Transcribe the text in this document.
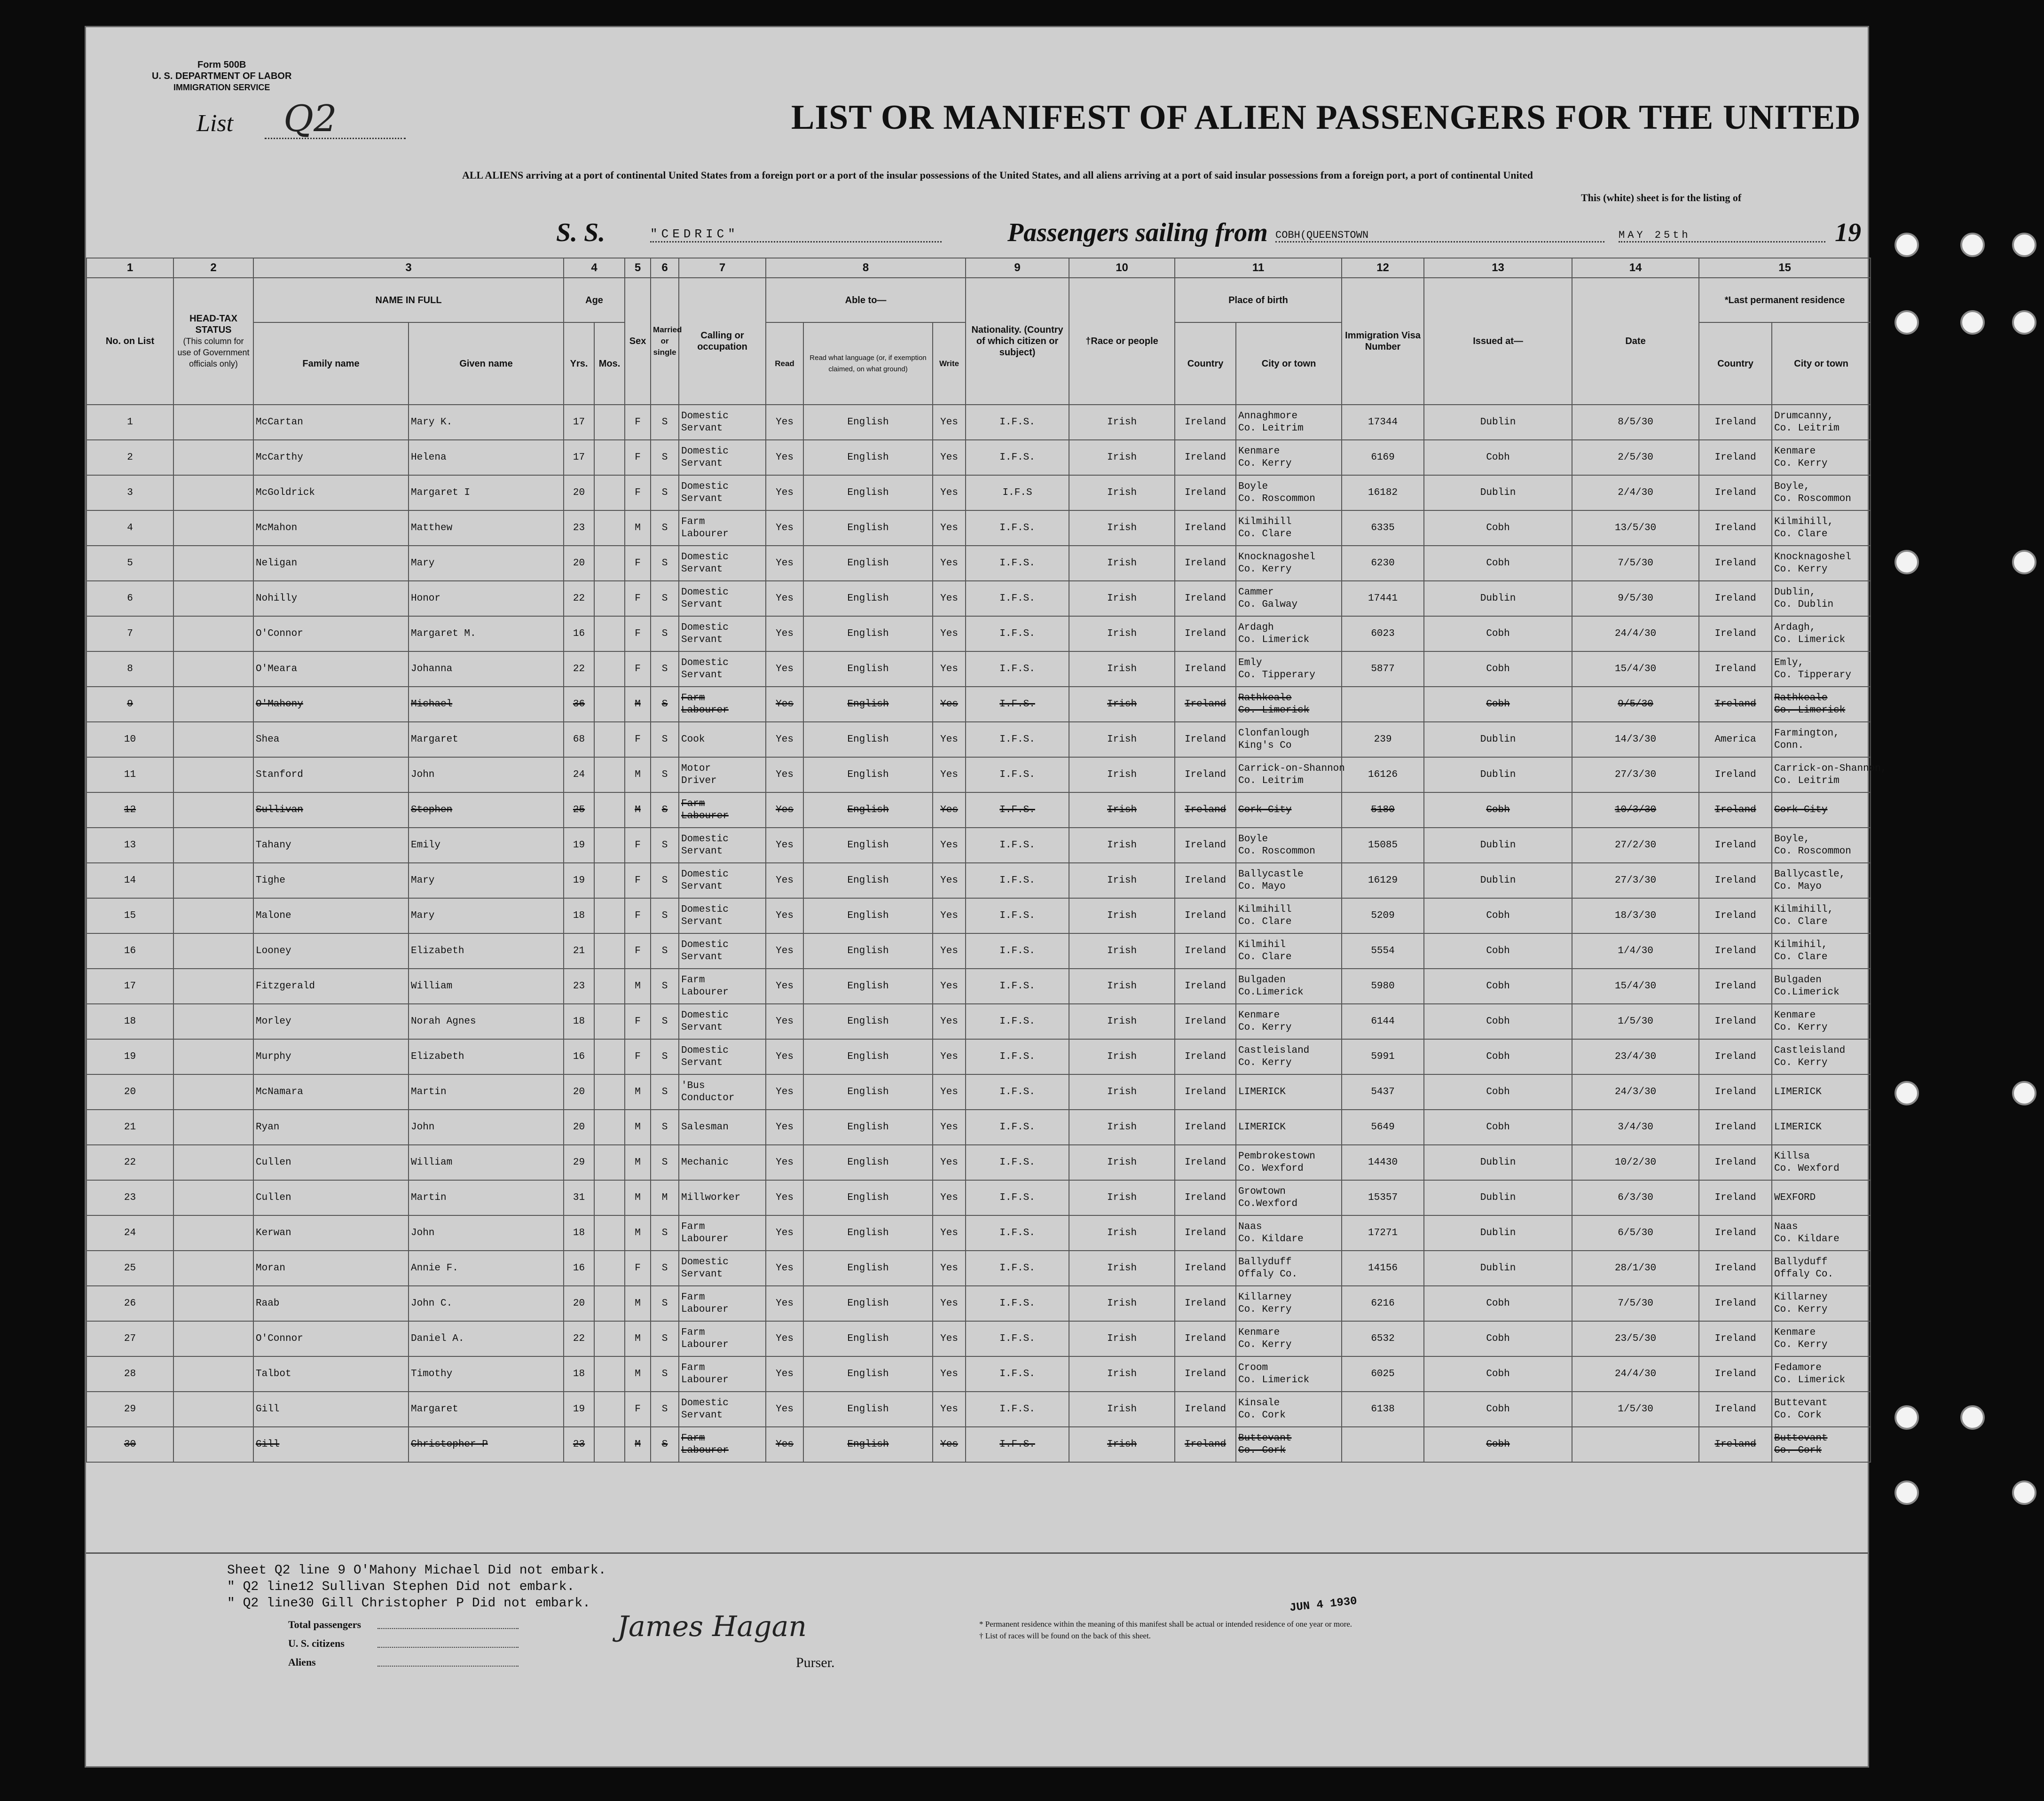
Form 500B
U. S. DEPARTMENT OF LABOR
IMMIGRATION SERVICE
List Q2	LIST OR MANIFEST OF ALIEN PASSENGERS FOR THE UNITED
ALL ALIENS arriving at a port of continental United States from a foreign port or a port of the insular possessions of the United States, and all aliens arriving at a port of said insular possessions from a foreign port, a port of continental United
This (white) sheet is for the listing of
S. S.	"CEDRIC"	Passengers sailing from COBH(QUEENSTOWN	MAY 25th	19
1	2	3		4		5	6	7	8			9	10	11		12	13	14	15	
No. on List	HEAD-TAX STATUS
(This column for use of Government officials only)	NAME IN FULL		Age		Sex	Married or single	Calling or occupation	Able to—			Nationality. (Country of which citizen or subject)	†Race or people	Place of birth		Immigration Visa Number	Issued at—	Date	*Last permanent residence	
		Family name	Given name	Yrs.	Mos.				Read	Read what language (or, if exemption claimed, on what ground)	Write			Country	City or town				Country	City or town
1		McCartan	Mary K.	17		F	S	Domestic
Servant	Yes	English	Yes	I.F.S.	Irish	Ireland	Annaghmore
Co. Leitrim	17344	Dublin	8/5/30	Ireland	Drumcanny,
Co. Leitrim

2		McCarthy	Helena	17		F	S	Domestic
Servant	Yes	English	Yes	I.F.S.	Irish	Ireland	Kenmare
Co. Kerry	6169	Cobh	2/5/30	Ireland	Kenmare
Co. Kerry

3		McGoldrick	Margaret I	20		F	S	Domestic
Servant	Yes	English	Yes	I.F.S	Irish	Ireland	Boyle
Co. Roscommon	16182	Dublin	2/4/30	Ireland	Boyle,
Co. Roscommon

4		McMahon	Matthew	23		M	S	Farm
Labourer	Yes	English	Yes	I.F.S.	Irish	Ireland	Kilmihill
Co. Clare	6335	Cobh	13/5/30	Ireland	Kilmihill,
Co. Clare

5		Neligan	Mary	20		F	S	Domestic
Servant	Yes	English	Yes	I.F.S.	Irish	Ireland	Knocknagoshel
Co. Kerry	6230	Cobh	7/5/30	Ireland	Knocknagoshel
Co. Kerry

6		Nohilly	Honor	22		F	S	Domestic
Servant	Yes	English	Yes	I.F.S.	Irish	Ireland	Cammer
Co. Galway	17441	Dublin	9/5/30	Ireland	Dublin,
Co. Dublin

7		O'Connor	Margaret M.	16		F	S	Domestic
Servant	Yes	English	Yes	I.F.S.	Irish	Ireland	Ardagh
Co. Limerick	6023	Cobh	24/4/30	Ireland	Ardagh,
Co. Limerick

8		O'Meara	Johanna	22		F	S	Domestic
Servant	Yes	English	Yes	I.F.S.	Irish	Ireland	Emly
Co. Tipperary	5877	Cobh	15/4/30	Ireland	Emly,
Co. Tipperary

9		O'Mahony	Michael	36		M	S	Farm
Labourer	Yes	English	Yes	I.F.S.	Irish	Ireland	Rathkeale
Co. Limerick		Cobh	9/5/30	Ireland	Rathkeale
Co. Limerick

10		Shea	Margaret	68		F	S	Cook	Yes	English	Yes	I.F.S.	Irish	Ireland	Clonfanlough
King's Co	239	Dublin	14/3/30	America	Farmington,
Conn.

11		Stanford	John	24		M	S	Motor
Driver	Yes	English	Yes	I.F.S.	Irish	Ireland	Carrick-on-Shannon
Co. Leitrim	16126	Dublin	27/3/30	Ireland	Carrick-on-Shannon,
Co. Leitrim

12		Sullivan	Stephen	25		M	S	Farm
Labourer	Yes	English	Yes	I.F.S.	Irish	Ireland	Cork City	5180	Cobh	10/3/30	Ireland	Cork City

13		Tahany	Emily	19		F	S	Domestic
Servant	Yes	English	Yes	I.F.S.	Irish	Ireland	Boyle
Co. Roscommon	15085	Dublin	27/2/30	Ireland	Boyle,
Co. Roscommon

14		Tighe	Mary	19		F	S	Domestic
Servant	Yes	English	Yes	I.F.S.	Irish	Ireland	Ballycastle
Co. Mayo	16129	Dublin	27/3/30	Ireland	Ballycastle,
Co. Mayo

15		Malone	Mary	18		F	S	Domestic
Servant	Yes	English	Yes	I.F.S.	Irish	Ireland	Kilmihill
Co. Clare	5209	Cobh	18/3/30	Ireland	Kilmihill,
Co. Clare

16		Looney	Elizabeth	21		F	S	Domestic
Servant	Yes	English	Yes	I.F.S.	Irish	Ireland	Kilmihil
Co. Clare	5554	Cobh	1/4/30	Ireland	Kilmihil,
Co. Clare

17		Fitzgerald	William	23		M	S	Farm
Labourer	Yes	English	Yes	I.F.S.	Irish	Ireland	Bulgaden
Co.Limerick	5980	Cobh	15/4/30	Ireland	Bulgaden
Co.Limerick

18		Morley	Norah Agnes	18		F	S	Domestic
Servant	Yes	English	Yes	I.F.S.	Irish	Ireland	Kenmare
Co. Kerry	6144	Cobh	1/5/30	Ireland	Kenmare
Co. Kerry

19		Murphy	Elizabeth	16		F	S	Domestic
Servant	Yes	English	Yes	I.F.S.	Irish	Ireland	Castleisland
Co. Kerry	5991	Cobh	23/4/30	Ireland	Castleisland
Co. Kerry

20		McNamara	Martin	20		M	S	'Bus
Conductor	Yes	English	Yes	I.F.S.	Irish	Ireland	LIMERICK	5437	Cobh	24/3/30	Ireland	LIMERICK

21		Ryan	John	20		M	S	Salesman	Yes	English	Yes	I.F.S.	Irish	Ireland	LIMERICK	5649	Cobh	3/4/30	Ireland	LIMERICK

22		Cullen	William	29		M	S	Mechanic	Yes	English	Yes	I.F.S.	Irish	Ireland	Pembrokestown
Co. Wexford	14430	Dublin	10/2/30	Ireland	Killsa
Co. Wexford

23		Cullen	Martin	31		M	M	Millworker	Yes	English	Yes	I.F.S.	Irish	Ireland	Growtown
Co.Wexford	15357	Dublin	6/3/30	Ireland	WEXFORD

24		Kerwan	John	18		M	S	Farm
Labourer	Yes	English	Yes	I.F.S.	Irish	Ireland	Naas
Co. Kildare	17271	Dublin	6/5/30	Ireland	Naas
Co. Kildare

25		Moran	Annie F.	16		F	S	Domestic
Servant	Yes	English	Yes	I.F.S.	Irish	Ireland	Ballyduff
Offaly Co.	14156	Dublin	28/1/30	Ireland	Ballyduff
Offaly Co.

26		Raab	John C.	20		M	S	Farm
Labourer	Yes	English	Yes	I.F.S.	Irish	Ireland	Killarney
Co. Kerry	6216	Cobh	7/5/30	Ireland	Killarney
Co. Kerry

27		O'Connor	Daniel A.	22		M	S	Farm
Labourer	Yes	English	Yes	I.F.S.	Irish	Ireland	Kenmare
Co. Kerry	6532	Cobh	23/5/30	Ireland	Kenmare
Co. Kerry

28		Talbot	Timothy	18		M	S	Farm
Labourer	Yes	English	Yes	I.F.S.	Irish	Ireland	Croom
Co. Limerick	6025	Cobh	24/4/30	Ireland	Fedamore
Co. Limerick

29		Gill	Margaret	19		F	S	Domestic
Servant	Yes	English	Yes	I.F.S.	Irish	Ireland	Kinsale
Co. Cork	6138	Cobh	1/5/30	Ireland	Buttevant
Co. Cork

30		Gill	Christopher P	23		M	S	Farm
Labourer	Yes	English	Yes	I.F.S.	Irish	Ireland	Buttevant
Co. Cork		Cobh		Ireland	Buttevant
Co. Cork
Sheet Q2 line 9 O'Mahony Michael Did not embark.
" Q2 line12 Sullivan Stephen Did not embark.
" Q2 line30 Gill Christopher P Did not embark.
Total passengers
U. S. citizens
Aliens
James Hagan
Purser.
* Permanent residence within the meaning of this manifest shall be actual or intended residence of one year or more.
† List of races will be found on the back of this sheet.
JUN 4 1930
